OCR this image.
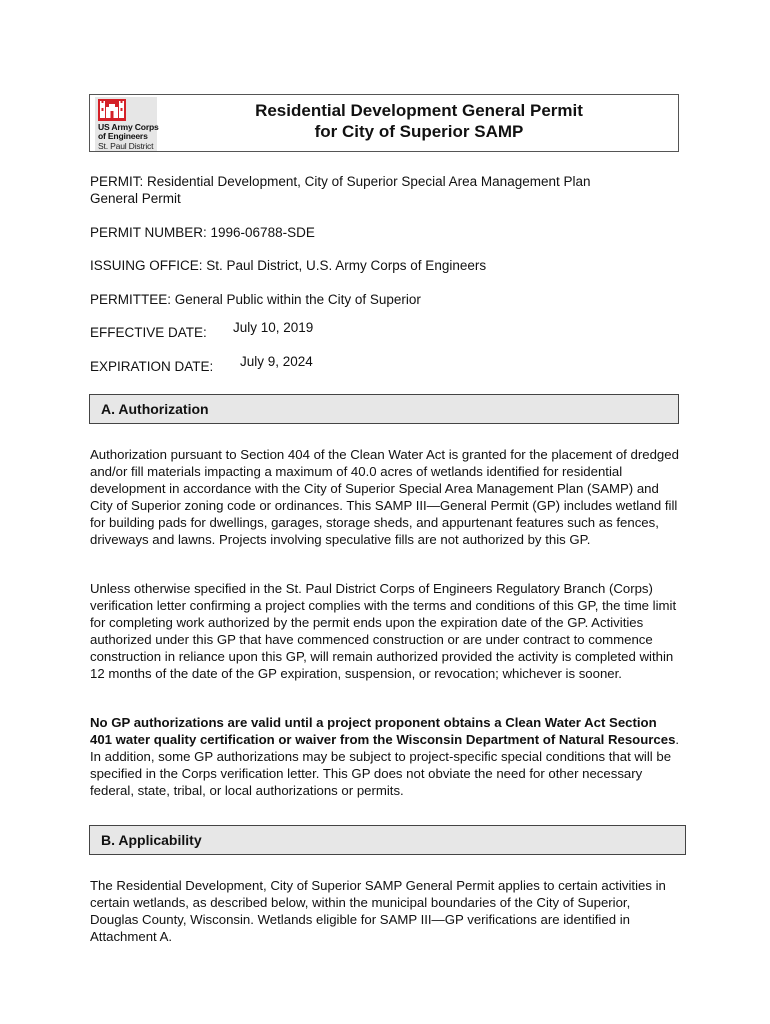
US Army Corps
of Engineers
St. Paul District
Residential Development General Permit
for City of Superior SAMP
PERMIT: Residential Development, City of Superior Special Area Management Plan
General Permit
PERMIT NUMBER: 1996-06788-SDE
ISSUING OFFICE: St. Paul District, U.S. Army Corps of Engineers
PERMITTEE: General Public within the City of Superior
EFFECTIVE DATE: July 10, 2019
EXPIRATION DATE: July 9, 2024
A. Authorization

Authorization pursuant to Section 404 of the Clean Water Act is granted for the placement of dredged and/or fill materials impacting a maximum of 40.0 acres of wetlands identified for residential development in accordance with the City of Superior Special Area Management Plan (SAMP) and City of Superior zoning code or ordinances. This SAMP III—General Permit (GP) includes wetland fill for building pads for dwellings, garages, storage sheds, and appurtenant features such as fences, driveways and lawns. Projects involving speculative fills are not authorized by this GP.

Unless otherwise specified in the St. Paul District Corps of Engineers Regulatory Branch (Corps) verification letter confirming a project complies with the terms and conditions of this GP, the time limit for completing work authorized by the permit ends upon the expiration date of the GP. Activities authorized under this GP that have commenced construction or are under contract to commence construction in reliance upon this GP, will remain authorized provided the activity is completed within 12 months of the date of the GP expiration, suspension, or revocation; whichever is sooner.

No GP authorizations are valid until a project proponent obtains a Clean Water Act Section 401 water quality certification or waiver from the Wisconsin Department of Natural Resources. In addition, some GP authorizations may be subject to project-specific special conditions that will be specified in the Corps verification letter. This GP does not obviate the need for other necessary federal, state, tribal, or local authorizations or permits.

B. Applicability

The Residential Development, City of Superior SAMP General Permit applies to certain activities in certain wetlands, as described below, within the municipal boundaries of the City of Superior, Douglas County, Wisconsin. Wetlands eligible for SAMP III—GP verifications are identified in Attachment A.
